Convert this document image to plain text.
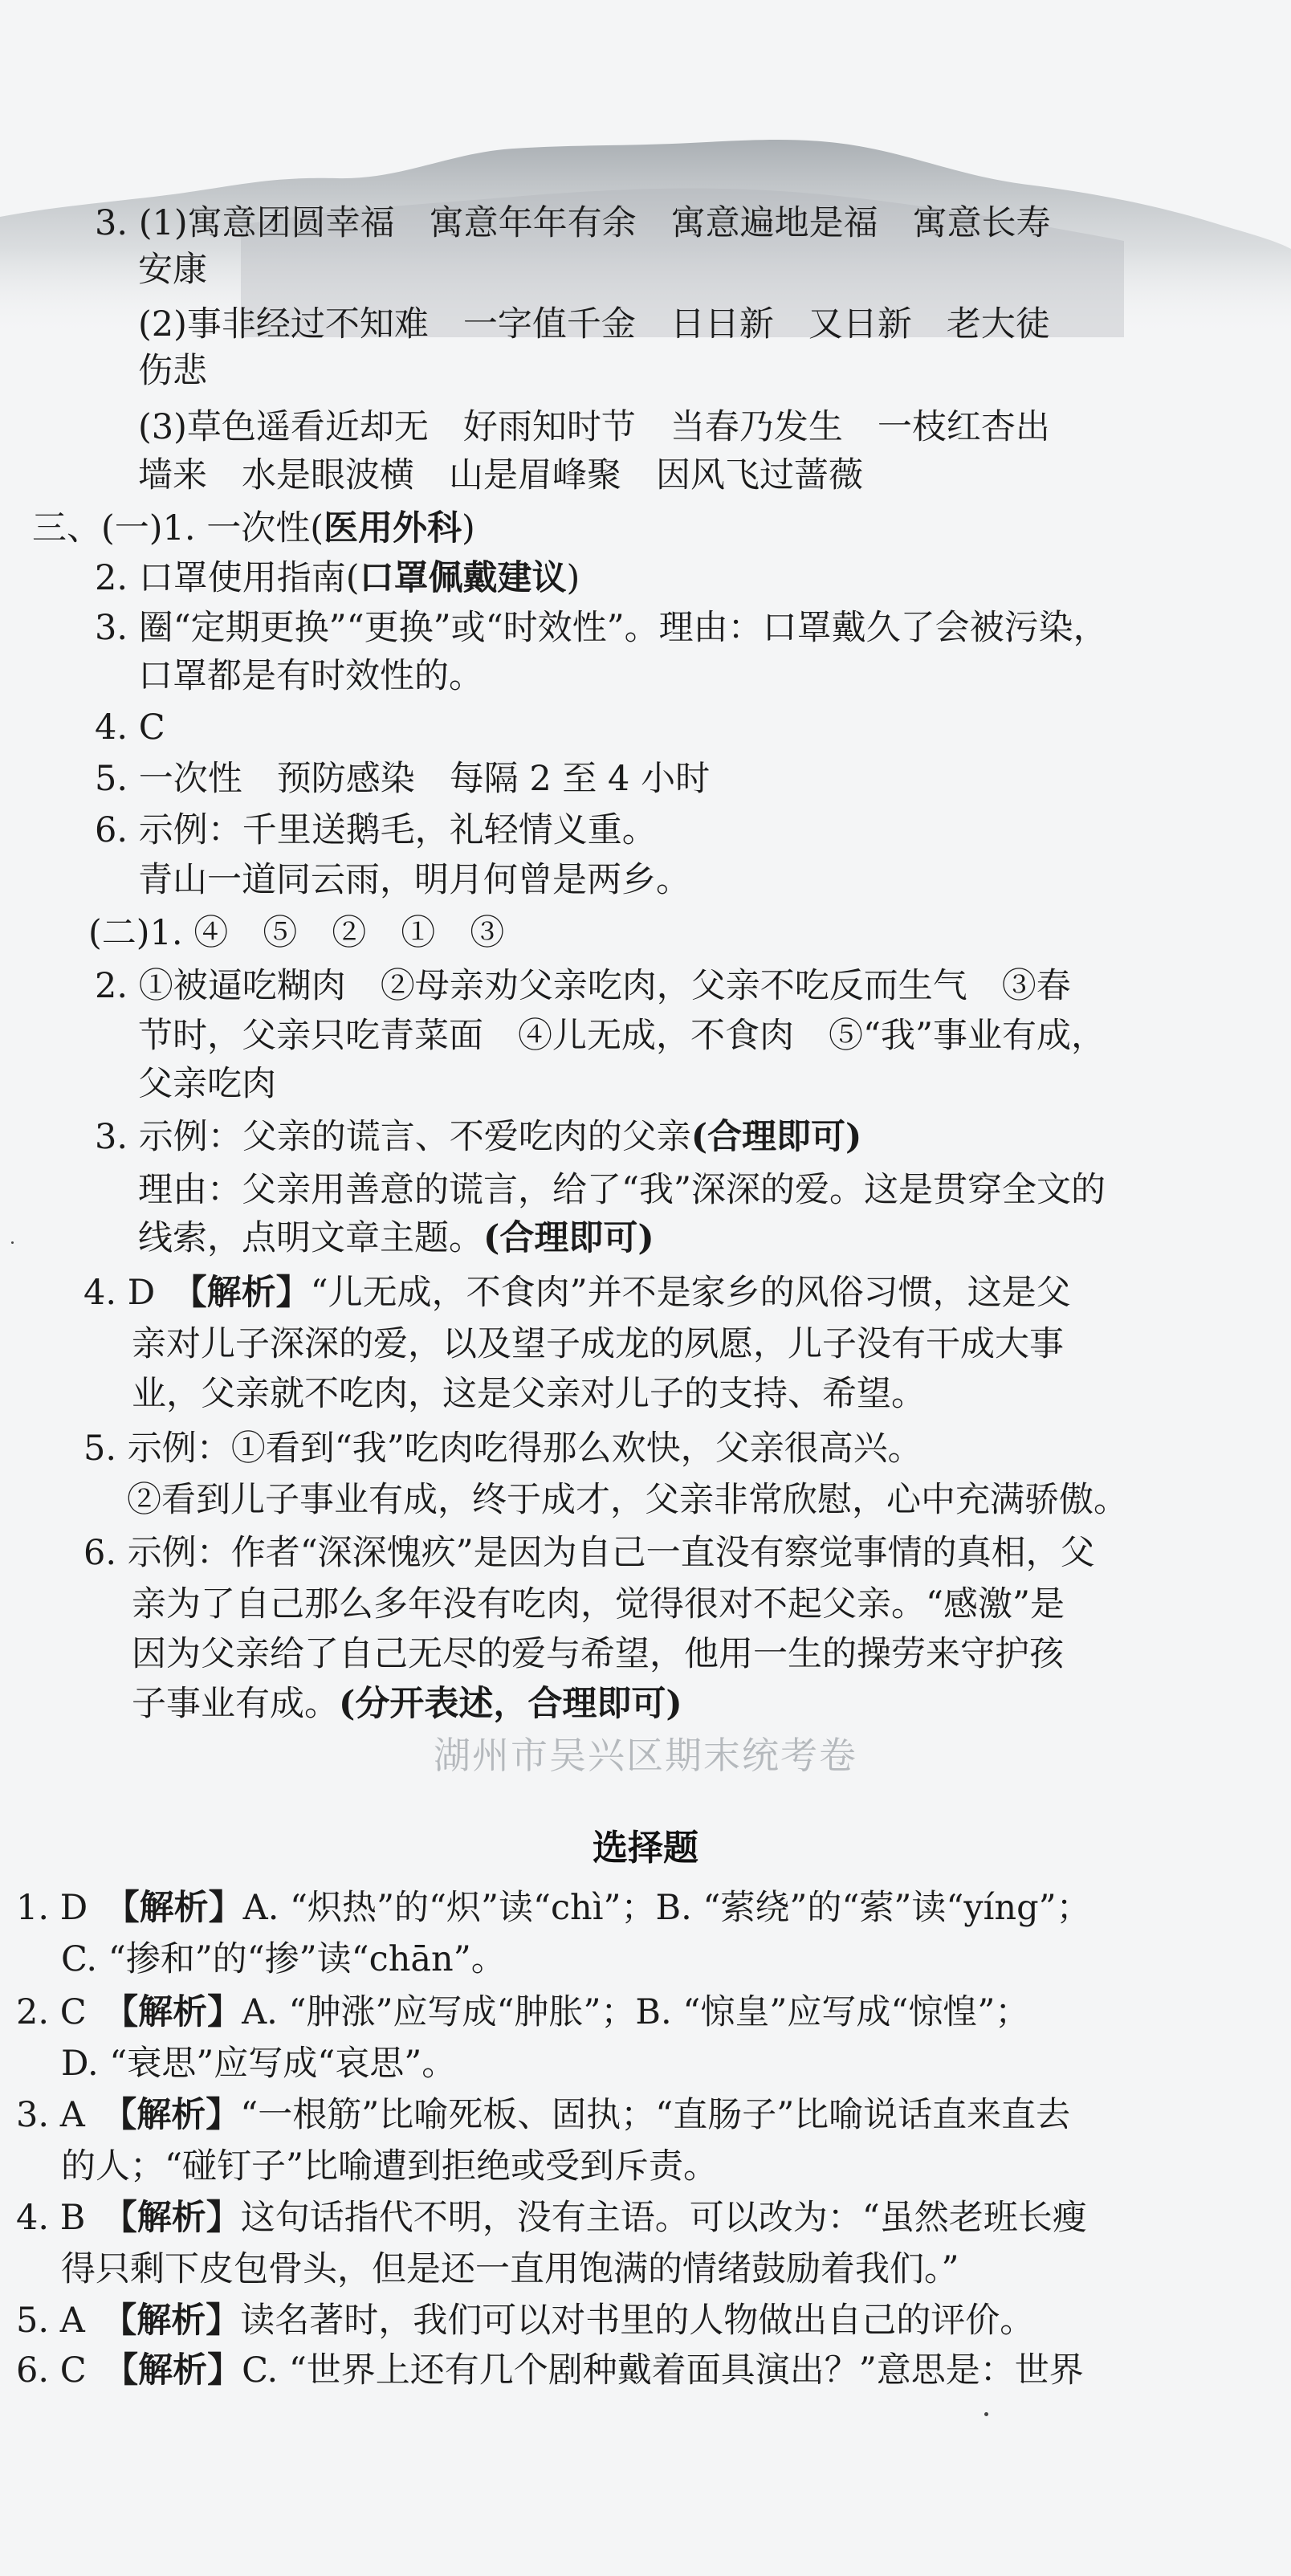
3. (1)寓意团圆幸福　寓意年年有余　寓意遍地是福　寓意长寿
安康
(2)事非经过不知难　一字值千金　日日新　又日新　老大徒
伤悲
(3)草色遥看近却无　好雨知时节　当春乃发生　一枝红杏出
墙来　水是眼波横　山是眉峰聚　因风飞过蔷薇
三、(一)1. 一次性(医用外科)
2. 口罩使用指南(口罩佩戴建议)
3. 圈“定期更换”“更换”或“时效性”。理由：口罩戴久了会被污染，
口罩都是有时效性的。
4. C
5. 一次性　预防感染　每隔 2 至 4 小时
6. 示例：千里送鹅毛，礼轻情义重。
青山一道同云雨，明月何曾是两乡。
(二)1. ④　⑤　②　①　③
2. ①被逼吃糊肉　②母亲劝父亲吃肉，父亲不吃反而生气　③春
节时，父亲只吃青菜面　④儿无成，不食肉　⑤“我”事业有成，
父亲吃肉
3. 示例：父亲的谎言、不爱吃肉的父亲(合理即可)
理由：父亲用善意的谎言，给了“我”深深的爱。这是贯穿全文的
线索，点明文章主题。(合理即可)
4. D　【解析】“儿无成，不食肉”并不是家乡的风俗习惯，这是父
亲对儿子深深的爱，以及望子成龙的夙愿，儿子没有干成大事
业，父亲就不吃肉，这是父亲对儿子的支持、希望。
5. 示例：①看到“我”吃肉吃得那么欢快，父亲很高兴。
②看到儿子事业有成，终于成才，父亲非常欣慰，心中充满骄傲。
6. 示例：作者“深深愧疚”是因为自己一直没有察觉事情的真相，父
亲为了自己那么多年没有吃肉，觉得很对不起父亲。“感激”是
因为父亲给了自己无尽的爱与希望，他用一生的操劳来守护孩
子事业有成。(分开表述，合理即可)
湖州市吴兴区期末统考卷
选择题
1. D　【解析】A. “炽热”的“炽”读“chì”；B. “萦绕”的“萦”读“yíng”；
C. “掺和”的“掺”读“chān”。
2. C　【解析】A. “肿涨”应写成“肿胀”；B. “惊皇”应写成“惊惶”；
D. “衰思”应写成“哀思”。
3. A　【解析】“一根筋”比喻死板、固执；“直肠子”比喻说话直来直去
的人；“碰钉子”比喻遭到拒绝或受到斥责。
4. B　【解析】这句话指代不明，没有主语。可以改为：“虽然老班长瘦
得只剩下皮包骨头，但是还一直用饱满的情绪鼓励着我们。”
5. A　【解析】读名著时，我们可以对书里的人物做出自己的评价。
6. C　【解析】C. “世界上还有几个剧种戴着面具演出？”意思是：世界
